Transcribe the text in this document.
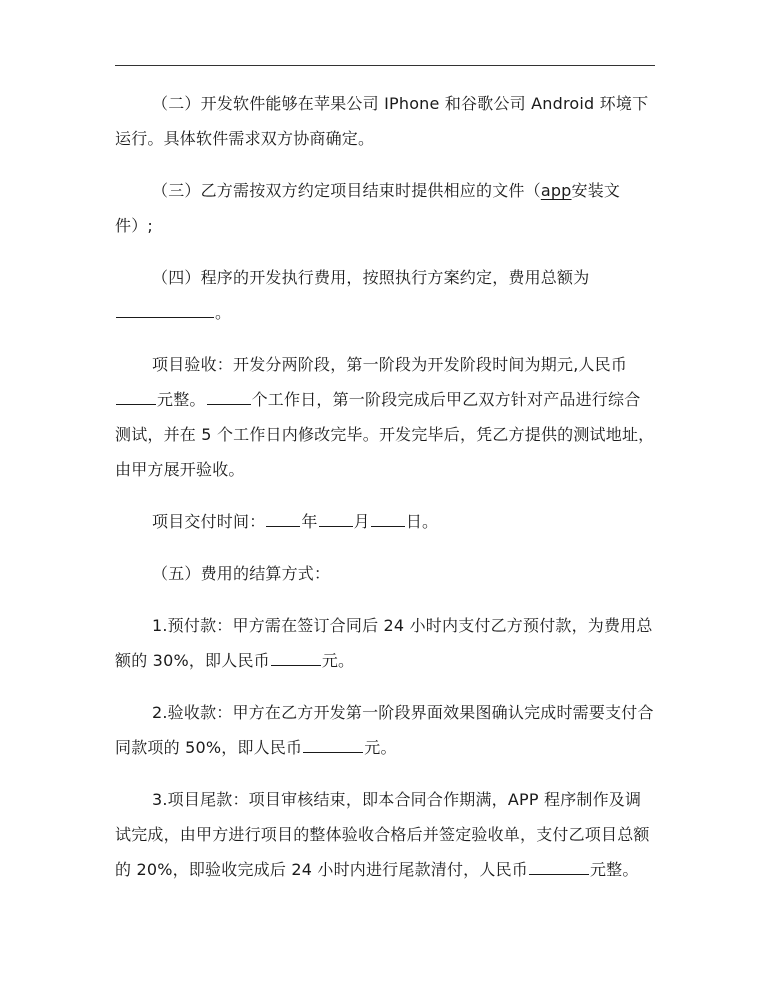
（二）开发软件能够在苹果公司 IPhone 和谷歌公司 Android 环境下运行。具体软件需求双方协商确定。

（三）乙方需按双方约定项目结束时提供相应的文件（app安装文件）;

（四）程序的开发执行费用，按照执行方案约定，费用总额为。

项目验收：开发分两阶段，第一阶段为开发阶段时间为期元,人民币元整。	个工作日，第一阶段完成后甲乙双方针对产品进行综合测试，并在 5 个工作日内修改完毕。开发完毕后，凭乙方提供的测试地址，由甲方展开验收。

项目交付时间： 年 月 日。

（五）费用的结算方式：

1.预付款：甲方需在签订合同后 24 小时内支付乙方预付款，为费用总额的 30%，即人民币	元。

2.验收款：甲方在乙方开发第一阶段界面效果图确认完成时需要支付合同款项的 50%，即人民币	元。

3.项目尾款：项目审核结束，即本合同合作期满，APP 程序制作及调试完成，由甲方进行项目的整体验收合格后并签定验收单，支付乙项目总额的 20%，即验收完成后 24 小时内进行尾款清付，人民币	元整。
